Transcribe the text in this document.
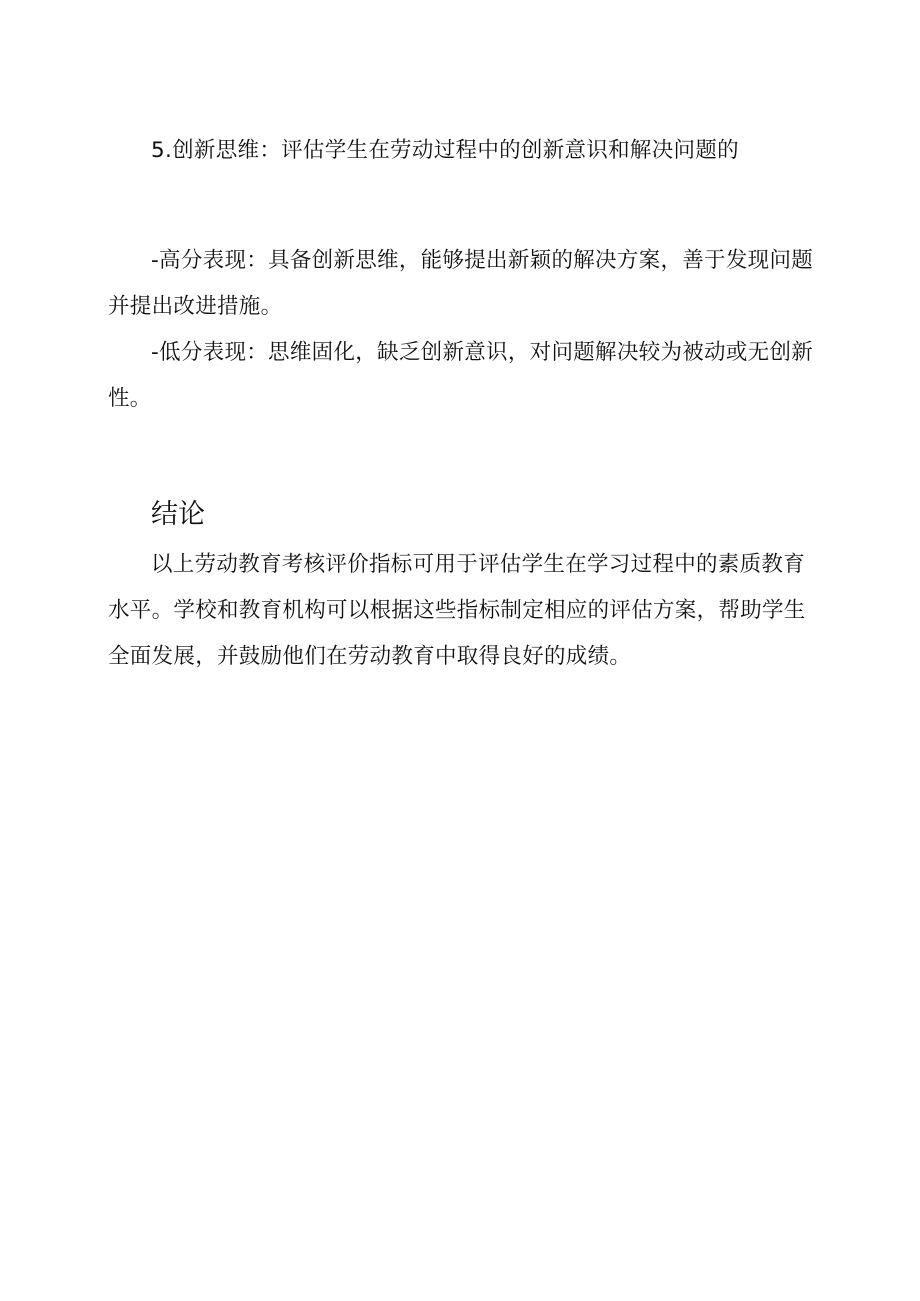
5.创新思维：评估学生在劳动过程中的创新意识和解决问题的

-高分表现：具备创新思维，能够提出新颖的解决方案，善于发现问题并提出改进措施。

-低分表现：思维固化，缺乏创新意识，对问题解决较为被动或无创新性。

结论

以上劳动教育考核评价指标可用于评估学生在学习过程中的素质教育水平。学校和教育机构可以根据这些指标制定相应的评估方案，帮助学生全面发展，并鼓励他们在劳动教育中取得良好的成绩。
